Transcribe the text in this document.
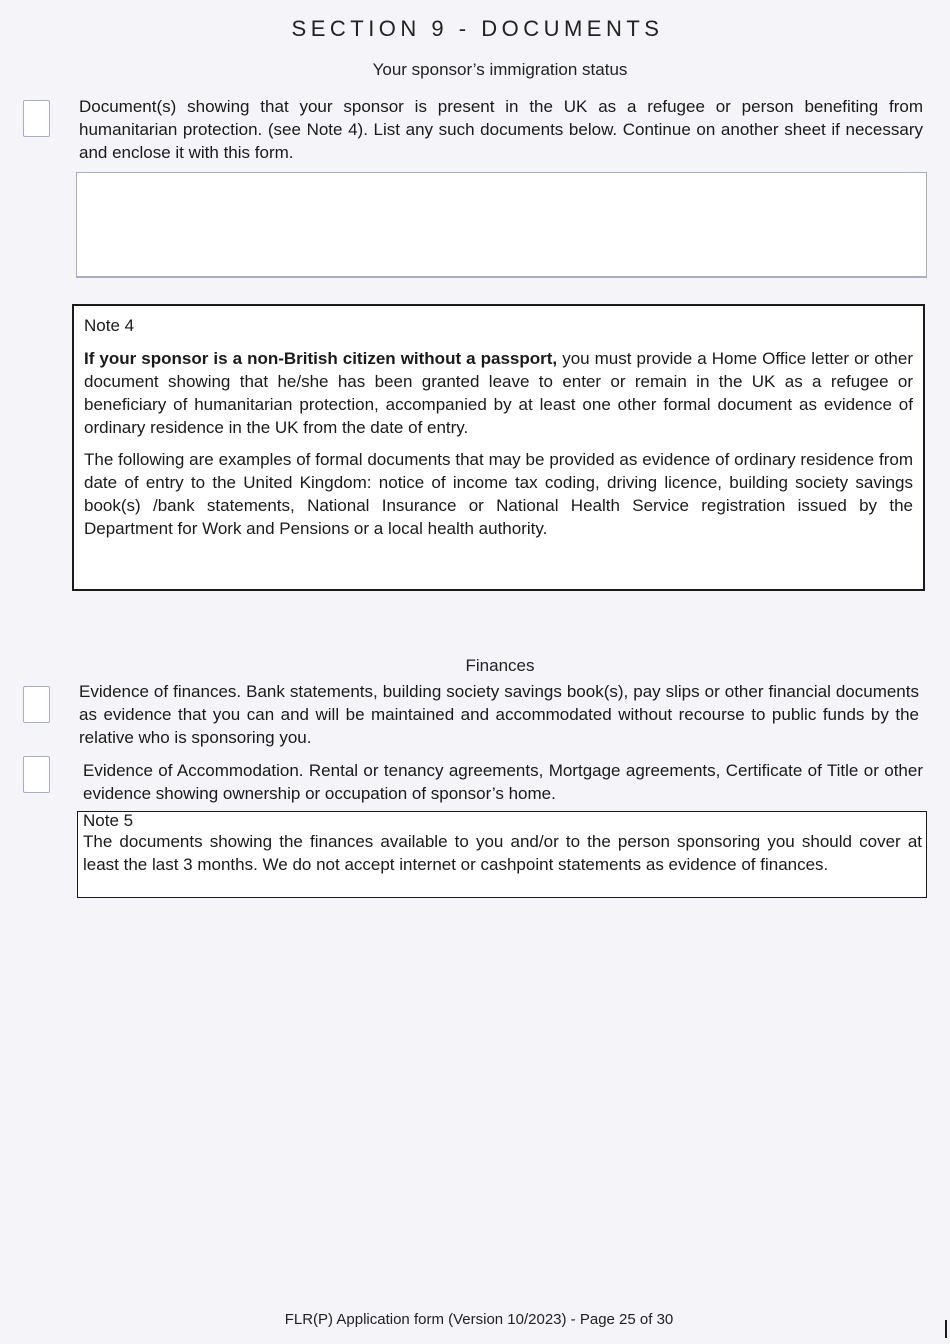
SECTION 9 - DOCUMENTS
Your sponsor’s immigration status
Document(s) showing that your sponsor is present in the UK as a refugee or person benefiting from humanitarian protection. (see Note 4). List any such documents below. Continue on another sheet if necessary and enclose it with this form.
Note 4

If your sponsor is a non-British citizen without a passport, you must provide a Home Office letter or other document showing that he/she has been granted leave to enter or remain in the UK as a refugee or beneficiary of humanitarian protection, accompanied by at least one other formal document as evidence of ordinary residence in the UK from the date of entry.

The following are examples of formal documents that may be provided as evidence of ordinary residence from date of entry to the United Kingdom: notice of income tax coding, driving licence, building society savings book(s) /bank statements, National Insurance or National Health Service registration issued by the Department for Work and Pensions or a local health authority.

Finances
Evidence of finances. Bank statements, building society savings book(s), pay slips or other financial documents as evidence that you can and will be maintained and accommodated without recourse to public funds by the relative who is sponsoring you.
Evidence of Accommodation. Rental or tenancy agreements, Mortgage agreements, Certificate of Title or other evidence showing ownership or occupation of sponsor’s home.
Note 5
The documents showing the finances available to you and/or to the person sponsoring you should cover at least the last 3 months. We do not accept internet or cashpoint statements as evidence of finances.
FLR(P) Application form (Version 10/2023) - Page 25 of 30
